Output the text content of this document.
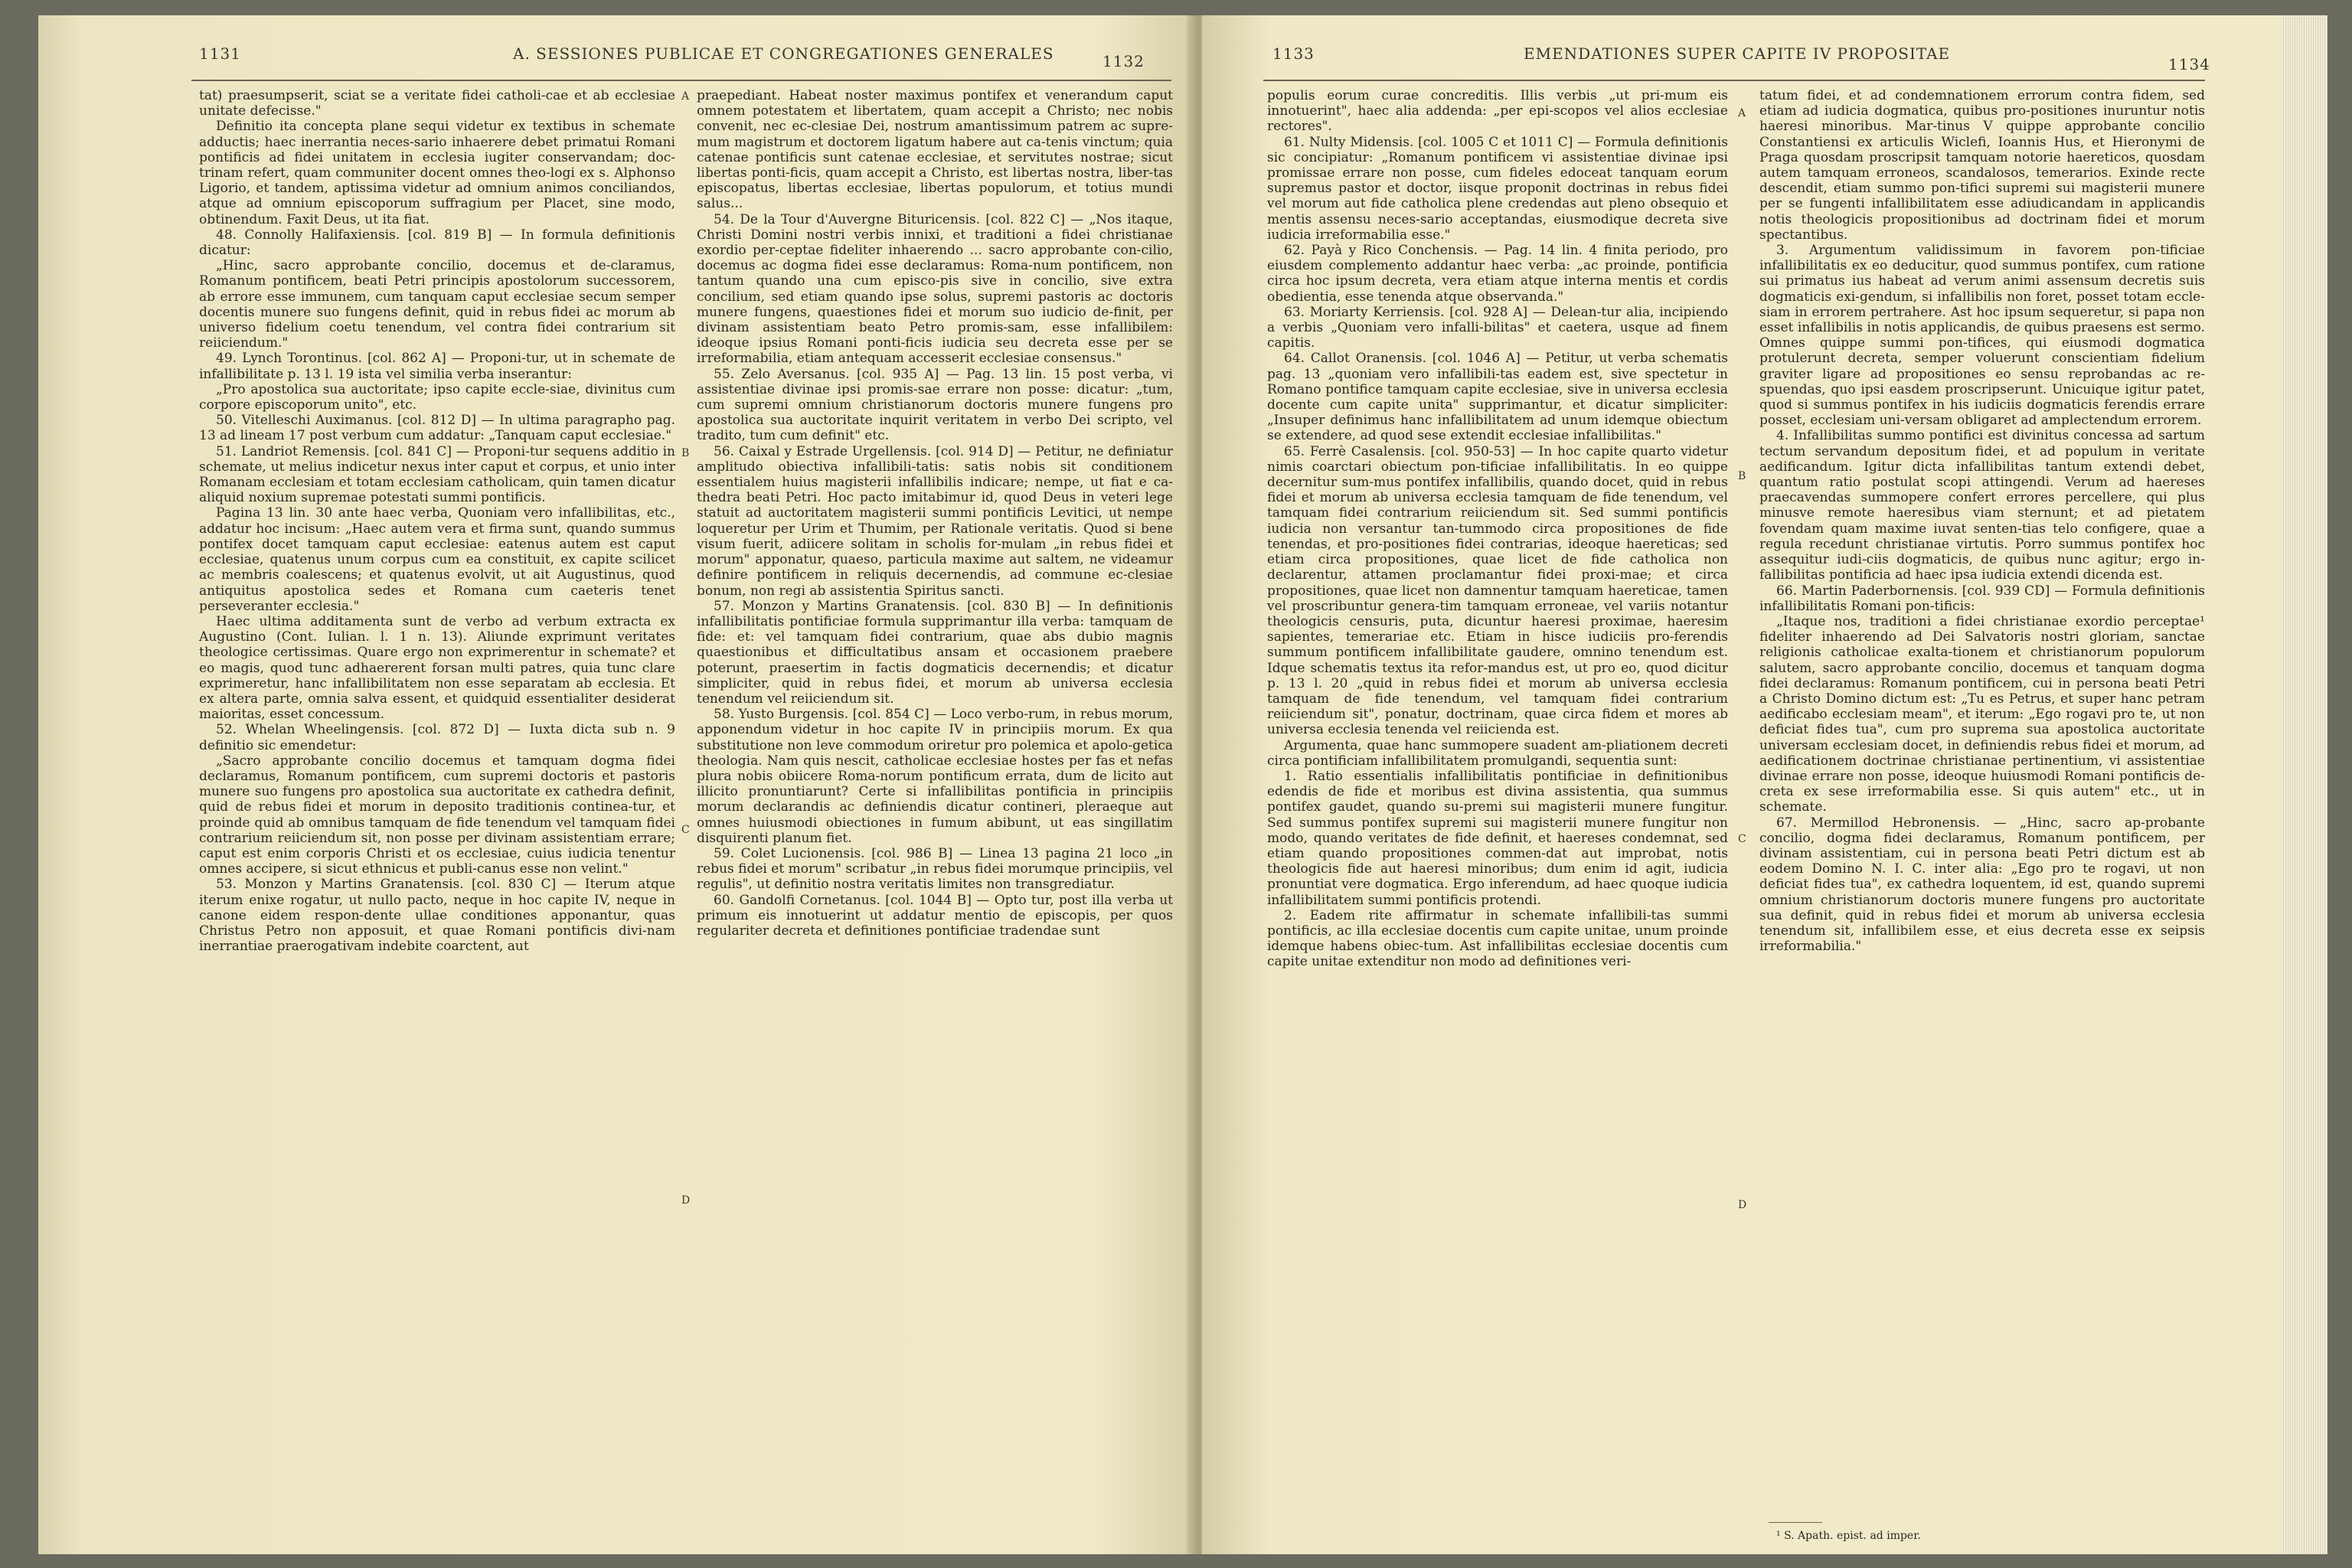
1131	1132
A. SESSIONES PUBLICAE ET CONGREGATIONES GENERALES

tat) praesumpserit, sciat se a veritate fidei catholi-cae et ab ecclesiae unitate defecisse."

Definitio ita concepta plane sequi videtur ex textibus in schemate adductis; haec inerrantia neces-sario inhaerere debet primatui Romani pontificis ad fidei unitatem in ecclesia iugiter conservandam; doc-trinam refert, quam communiter docent omnes theo-logi ex s. Alphonso Ligorio, et tandem, aptissima videtur ad omnium animos conciliandos, atque ad omnium episcoporum suffragium per Placet, sine modo, obtinendum. Faxit Deus, ut ita fiat.

48. Connolly Halifaxiensis. [col. 819 B] — In formula definitionis dicatur:

„Hinc, sacro approbante concilio, docemus et de-claramus, Romanum pontificem, beati Petri principis apostolorum successorem, ab errore esse immunem, cum tanquam caput ecclesiae secum semper docentis munere suo fungens definit, quid in rebus fidei ac morum ab universo fidelium coetu tenendum, vel contra fidei contrarium sit reiiciendum."

49. Lynch Torontinus. [col. 862 A] — Proponi-tur, ut in schemate de infallibilitate p. 13 l. 19 ista vel similia verba inserantur:

„Pro apostolica sua auctoritate; ipso capite eccle-siae, divinitus cum corpore episcoporum unito", etc.

50. Vitelleschi Auximanus. [col. 812 D] — In ultima paragrapho pag. 13 ad lineam 17 post verbum cum addatur: „Tanquam caput ecclesiae."

51. Landriot Remensis. [col. 841 C] — Proponi-tur sequens additio in schemate, ut melius indicetur nexus inter caput et corpus, et unio inter Romanam ecclesiam et totam ecclesiam catholicam, quin tamen dicatur aliquid noxium supremae potestati summi pontificis.

Pagina 13 lin. 30 ante haec verba, Quoniam vero infallibilitas, etc., addatur hoc incisum: „Haec autem vera et firma sunt, quando summus pontifex docet tamquam caput ecclesiae: eatenus autem est caput ecclesiae, quatenus unum corpus cum ea constituit, ex capite scilicet ac membris coalescens; et quatenus evolvit, ut ait Augustinus, quod antiquitus apostolica sedes et Romana cum caeteris tenet perseveranter ecclesia."

Haec ultima additamenta sunt de verbo ad verbum extracta ex Augustino (Cont. Iulian. l. 1 n. 13). Aliunde exprimunt veritates theologice certissimas. Quare ergo non exprimerentur in schemate? et eo magis, quod tunc adhaererent forsan multi patres, quia tunc clare exprimeretur, hanc infallibilitatem non esse separatam ab ecclesia. Et ex altera parte, omnia salva essent, et quidquid essentialiter desiderat maioritas, esset concessum.

52. Whelan Wheelingensis. [col. 872 D] — Iuxta dicta sub n. 9 definitio sic emendetur:

„Sacro approbante concilio docemus et tamquam dogma fidei declaramus, Romanum pontificem, cum supremi doctoris et pastoris munere suo fungens pro apostolica sua auctoritate ex cathedra definit, quid de rebus fidei et morum in deposito traditionis continea-tur, et proinde quid ab omnibus tamquam de fide tenendum vel tamquam fidei contrarium reiiciendum sit, non posse per divinam assistentiam errare; caput est enim corporis Christi et os ecclesiae, cuius iudicia tenentur omnes accipere, si sicut ethnicus et publi-canus esse non velint."

53. Monzon y Martins Granatensis. [col. 830 C] — Iterum atque iterum enixe rogatur, ut nullo pacto, neque in hoc capite IV, neque in canone eidem respon-dente ullae conditiones apponantur, quas Christus Petro non apposuit, et quae Romani pontificis divi-nam inerrantiae praerogativam indebite coarctent, aut

praepediant. Habeat noster maximus pontifex et venerandum caput omnem potestatem et libertatem, quam accepit a Christo; nec nobis convenit, nec ec-clesiae Dei, nostrum amantissimum patrem ac supre-mum magistrum et doctorem ligatum habere aut ca-tenis vinctum; quia catenae pontificis sunt catenae ecclesiae, et servitutes nostrae; sicut libertas ponti-ficis, quam accepit a Christo, est libertas nostra, liber-tas episcopatus, libertas ecclesiae, libertas populorum, et totius mundi salus...

54. De la Tour d'Auvergne Bituricensis. [col. 822 C] — „Nos itaque, Christi Domini nostri verbis innixi, et traditioni a fidei christianae exordio per-ceptae fideliter inhaerendo ... sacro approbante con-cilio, docemus ac dogma fidei esse declaramus: Roma-num pontificem, non tantum quando una cum episco-pis sive in concilio, sive extra concilium, sed etiam quando ipse solus, supremi pastoris ac doctoris munere fungens, quaestiones fidei et morum suo iudicio de-finit, per divinam assistentiam beato Petro promis-sam, esse infallibilem: ideoque ipsius Romani ponti-ficis iudicia seu decreta esse per se irreformabilia, etiam antequam accesserit ecclesiae consensus."

55. Zelo Aversanus. [col. 935 A] — Pag. 13 lin. 15 post verba, vi assistentiae divinae ipsi promis-sae errare non posse: dicatur: „tum, cum supremi omnium christianorum doctoris munere fungens pro apostolica sua auctoritate inquirit veritatem in verbo Dei scripto, vel tradito, tum cum definit" etc.

56. Caixal y Estrade Urgellensis. [col. 914 D] — Petitur, ne definiatur amplitudo obiectiva infallibili-tatis: satis nobis sit conditionem essentialem huius magisterii infallibilis indicare; nempe, ut fiat e ca-thedra beati Petri. Hoc pacto imitabimur id, quod Deus in veteri lege statuit ad auctoritatem magisterii summi pontificis Levitici, ut nempe loqueretur per Urim et Thumim, per Rationale veritatis. Quod si bene visum fuerit, adiicere solitam in scholis for-mulam „in rebus fidei et morum" apponatur, quaeso, particula maxime aut saltem, ne videamur definire pontificem in reliquis decernendis, ad commune ec-clesiae bonum, non regi ab assistentia Spiritus sancti.

57. Monzon y Martins Granatensis. [col. 830 B] — In definitionis infallibilitatis pontificiae formula supprimantur illa verba: tamquam de fide: et: vel tamquam fidei contrarium, quae abs dubio magnis quaestionibus et difficultatibus ansam et occasionem praebere poterunt, praesertim in factis dogmaticis decernendis; et dicatur simpliciter, quid in rebus fidei, et morum ab universa ecclesia tenendum vel reiiciendum sit.

58. Yusto Burgensis. [col. 854 C] — Loco verbo-rum, in rebus morum, apponendum videtur in hoc capite IV in principiis morum. Ex qua substitutione non leve commodum oriretur pro polemica et apolo-getica theologia. Nam quis nescit, catholicae ecclesiae hostes per fas et nefas plura nobis obiicere Roma-norum pontificum errata, dum de licito aut illicito pronuntiarunt? Certe si infallibilitas pontificia in principiis morum declarandis ac definiendis dicatur contineri, pleraeque aut omnes huiusmodi obiectiones in fumum abibunt, ut eas singillatim disquirenti planum fiet.

59. Colet Lucionensis. [col. 986 B] — Linea 13 pagina 21 loco „in rebus fidei et morum" scribatur „in rebus fidei morumque principiis, vel regulis", ut definitio nostra veritatis limites non transgrediatur.

60. Gandolfi Cornetanus. [col. 1044 B] — Opto tur, post illa verba ut primum eis innotuerint ut addatur mentio de episcopis, per quos regulariter decreta et definitiones pontificiae tradendae sunt

A
B
C
D
1133
1134
EMENDATIONES SUPER CAPITE IV PROPOSITAE

populis eorum curae concreditis. Illis verbis „ut pri-mum eis innotuerint", haec alia addenda: „per epi-scopos vel alios ecclesiae rectores".

61. Nulty Midensis. [col. 1005 C et 1011 C] — Formula definitionis sic concipiatur: „Romanum pontificem vi assistentiae divinae ipsi promissae errare non posse, cum fideles edoceat tanquam eorum supremus pastor et doctor, iisque proponit doctrinas in rebus fidei vel morum aut fide catholica plene credendas aut pleno obsequio et mentis assensu neces-sario acceptandas, eiusmodique decreta sive iudicia irreformabilia esse."

62. Payà y Rico Conchensis. — Pag. 14 lin. 4 finita periodo, pro eiusdem complemento addantur haec verba: „ac proinde, pontificia circa hoc ipsum decreta, vera etiam atque interna mentis et cordis obedientia, esse tenenda atque observanda."

63. Moriarty Kerriensis. [col. 928 A] — Delean-tur alia, incipiendo a verbis „Quoniam vero infalli-bilitas" et caetera, usque ad finem capitis.

64. Callot Oranensis. [col. 1046 A] — Petitur, ut verba schematis pag. 13 „quoniam vero infallibili-tas eadem est, sive spectetur in Romano pontifice tamquam capite ecclesiae, sive in universa ecclesia docente cum capite unita" supprimantur, et dicatur simpliciter: „Insuper definimus hanc infallibilitatem ad unum idemque obiectum se extendere, ad quod sese extendit ecclesiae infallibilitas."

65. Ferrè Casalensis. [col. 950-53] — In hoc capite quarto videtur nimis coarctari obiectum pon-tificiae infallibilitatis. In eo quippe decernitur sum-mus pontifex infallibilis, quando docet, quid in rebus fidei et morum ab universa ecclesia tamquam de fide tenendum, vel tamquam fidei contrarium reiiciendum sit. Sed summi pontificis iudicia non versantur tan-tummodo circa propositiones de fide tenendas, et pro-positiones fidei contrarias, ideoque haereticas; sed etiam circa propositiones, quae licet de fide catholica non declarentur, attamen proclamantur fidei proxi-mae; et circa propositiones, quae licet non damnentur tamquam haereticae, tamen vel proscribuntur genera-tim tamquam erroneae, vel variis notantur theologicis censuris, puta, dicuntur haeresi proximae, haeresim sapientes, temerariae etc. Etiam in hisce iudiciis pro-ferendis summum pontificem infallibilitate gaudere, omnino tenendum est. Idque schematis textus ita refor-mandus est, ut pro eo, quod dicitur p. 13 l. 20 „quid in rebus fidei et morum ab universa ecclesia tamquam de fide tenendum, vel tamquam fidei contrarium reiiciendum sit", ponatur, doctrinam, quae circa fidem et mores ab universa ecclesia tenenda vel reiicienda est.

Argumenta, quae hanc summopere suadent am-pliationem decreti circa pontificiam infallibilitatem promulgandi, sequentia sunt:

1. Ratio essentialis infallibilitatis pontificiae in definitionibus edendis de fide et moribus est divina assistentia, qua summus pontifex gaudet, quando su-premi sui magisterii munere fungitur. Sed summus pontifex supremi sui magisterii munere fungitur non modo, quando veritates de fide definit, et haereses condemnat, sed etiam quando propositiones commen-dat aut improbat, notis theologicis fide aut haeresi minoribus; dum enim id agit, iudicia pronuntiat vere dogmatica. Ergo inferendum, ad haec quoque iudicia infallibilitatem summi pontificis protendi.

2. Eadem rite affirmatur in schemate infallibili-tas summi pontificis, ac illa ecclesiae docentis cum capite unitae, unum proinde idemque habens obiec-tum. Ast infallibilitas ecclesiae docentis cum capite unitae extenditur non modo ad definitiones veri-

tatum fidei, et ad condemnationem errorum contra fidem, sed etiam ad iudicia dogmatica, quibus pro-positiones inuruntur notis haeresi minoribus. Mar-tinus V quippe approbante concilio Constantiensi ex articulis Wiclefi, Ioannis Hus, et Hieronymi de Praga quosdam proscripsit tamquam notorie haereticos, quosdam autem tamquam erroneos, scandalosos, temerarios. Exinde recte descendit, etiam summo pon-tifici supremi sui magisterii munere per se fungenti infallibilitatem esse adiudicandam in applicandis notis theologicis propositionibus ad doctrinam fidei et morum spectantibus.

3. Argumentum validissimum in favorem pon-tificiae infallibilitatis ex eo deducitur, quod summus pontifex, cum ratione sui primatus ius habeat ad verum animi assensum decretis suis dogmaticis exi-gendum, si infallibilis non foret, posset totam eccle-siam in errorem pertrahere. Ast hoc ipsum sequeretur, si papa non esset infallibilis in notis applicandis, de quibus praesens est sermo. Omnes quippe summi pon-tifices, qui eiusmodi dogmatica protulerunt decreta, semper voluerunt conscientiam fidelium graviter ligare ad propositiones eo sensu reprobandas ac re-spuendas, quo ipsi easdem proscripserunt. Unicuique igitur patet, quod si summus pontifex in his iudiciis dogmaticis ferendis errare posset, ecclesiam uni-versam obligaret ad amplectendum errorem.

4. Infallibilitas summo pontifici est divinitus concessa ad sartum tectum servandum depositum fidei, et ad populum in veritate aedificandum. Igitur dicta infallibilitas tantum extendi debet, quantum ratio postulat scopi attingendi. Verum ad haereses praecavendas summopere confert errores percellere, qui plus minusve remote haeresibus viam sternunt; et ad pietatem fovendam quam maxime iuvat senten-tias telo configere, quae a regula recedunt christianae virtutis. Porro summus pontifex hoc assequitur iudi-ciis dogmaticis, de quibus nunc agitur; ergo in-fallibilitas pontificia ad haec ipsa iudicia extendi dicenda est.

66. Martin Paderbornensis. [col. 939 CD] — Formula definitionis infallibilitatis Romani pon-tificis:

„Itaque nos, traditioni a fidei christianae exordio perceptae¹ fideliter inhaerendo ad Dei Salvatoris nostri gloriam, sanctae religionis catholicae exalta-tionem et christianorum populorum salutem, sacro approbante concilio, docemus et tanquam dogma fidei declaramus: Romanum pontificem, cui in persona beati Petri a Christo Domino dictum est: „Tu es Petrus, et super hanc petram aedificabo ecclesiam meam", et iterum: „Ego rogavi pro te, ut non deficiat fides tua", cum pro suprema sua apostolica auctoritate universam ecclesiam docet, in definiendis rebus fidei et morum, ad aedificationem doctrinae christianae pertinentium, vi assistentiae divinae errare non posse, ideoque huiusmodi Romani pontificis de-creta ex sese irreformabilia esse. Si quis autem" etc., ut in schemate.

67. Mermillod Hebronensis. — „Hinc, sacro ap-probante concilio, dogma fidei declaramus, Romanum pontificem, per divinam assistentiam, cui in persona beati Petri dictum est ab eodem Domino N. I. C. inter alia: „Ego pro te rogavi, ut non deficiat fides tua", ex cathedra loquentem, id est, quando supremi omnium christianorum doctoris munere fungens pro auctoritate sua definit, quid in rebus fidei et morum ab universa ecclesia tenendum sit, infallibilem esse, et eius decreta esse ex seipsis irreformabilia."

A
B
C
D
¹ S. Apath. epist. ad imper.
